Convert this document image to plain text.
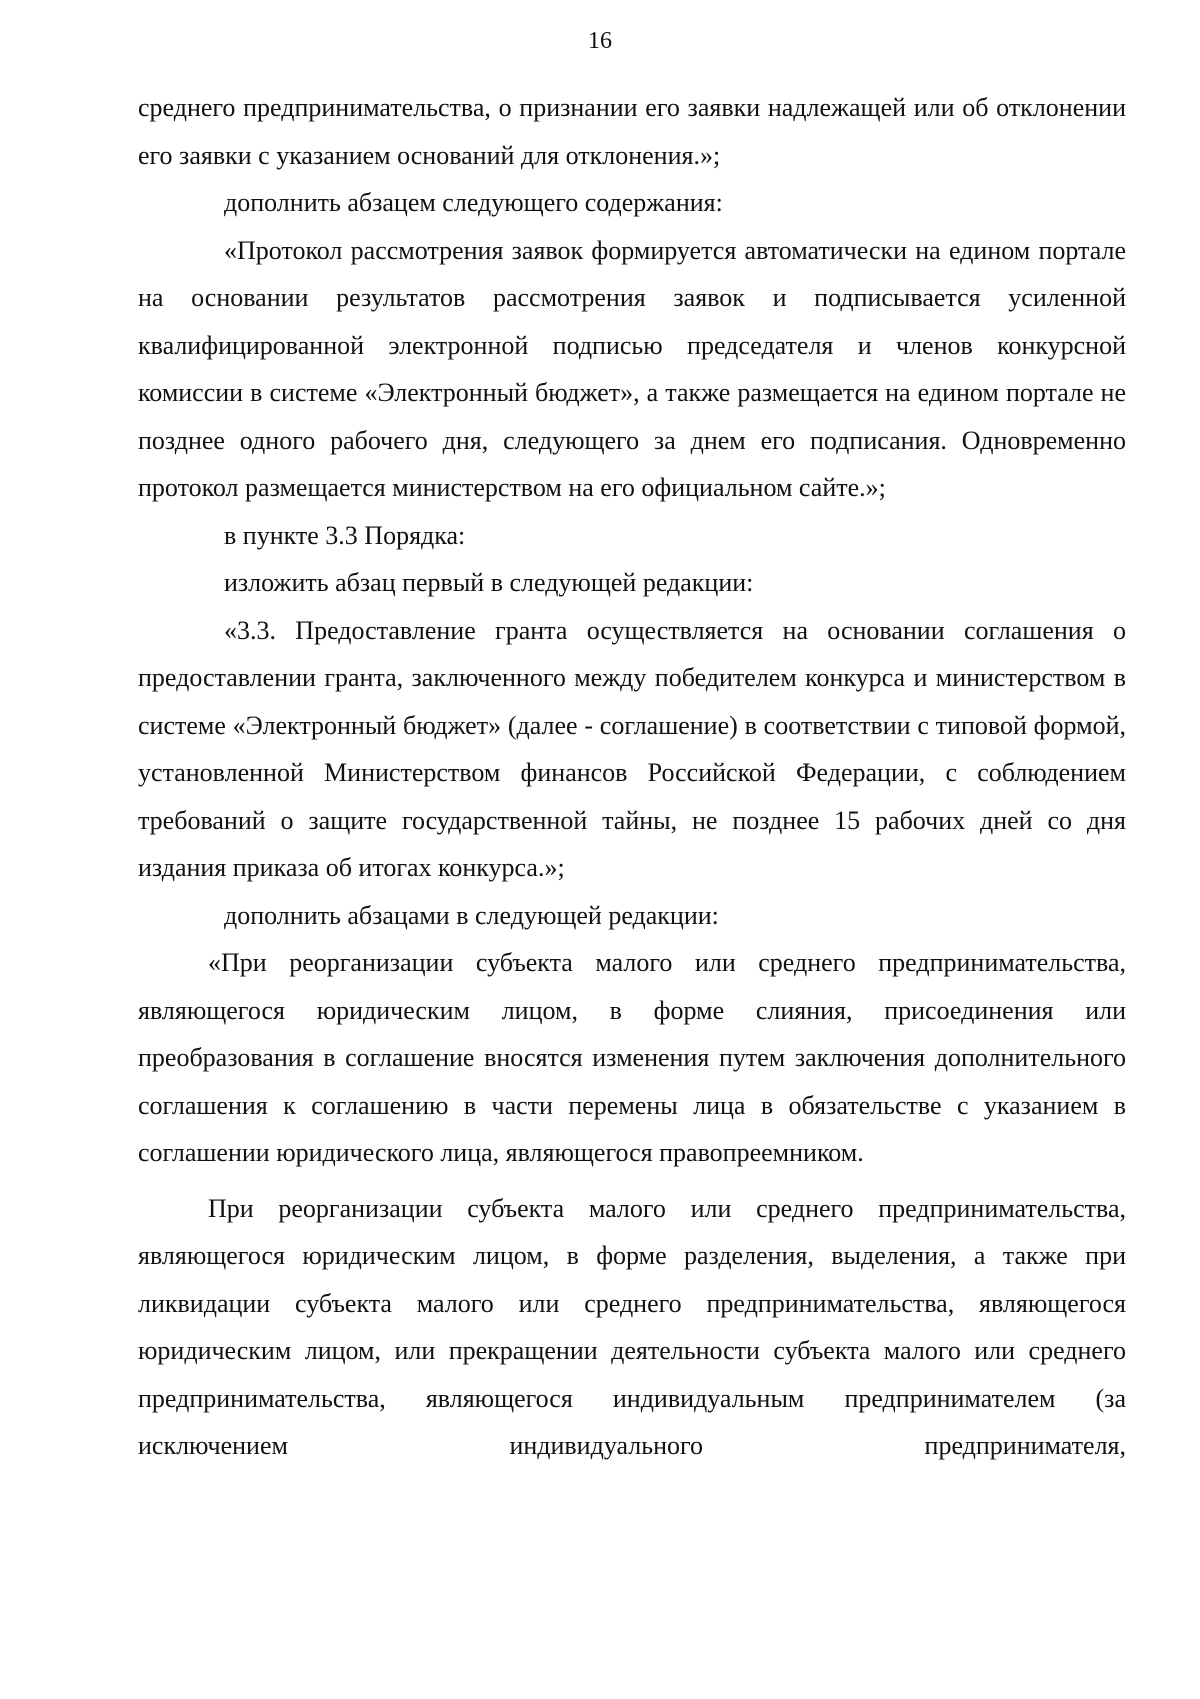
16

среднего предпринимательства, о признании его заявки надлежащей или об отклонении его заявки с указанием оснований для отклонения.»;

дополнить абзацем следующего содержания:

«Протокол рассмотрения заявок формируется автоматически на едином портале на основании результатов рассмотрения заявок и подписывается усиленной квалифицированной электронной подписью председателя и членов конкурсной комиссии в системе «Электронный бюджет», а также размещается на едином портале не позднее одного рабочего дня, следующего за днем его подписания. Одновременно протокол размещается министерством на его официальном сайте.»;

в пункте 3.3 Порядка:

изложить абзац первый в следующей редакции:

«3.3. Предоставление гранта осуществляется на основании соглашения о предоставлении гранта, заключенного между победителем конкурса и министерством в системе «Электронный бюджет» (далее - соглашение) в соответствии с типовой формой, установленной Министерством финансов Российской Федерации, с соблюдением требований о защите государственной тайны, не позднее 15 рабочих дней со дня издания приказа об итогах конкурса.»;

дополнить абзацами в следующей редакции:

«При реорганизации субъекта малого или среднего предпринимательства, являющегося юридическим лицом, в форме слияния, присоединения или преобразования в соглашение вносятся изменения путем заключения дополнительного соглашения к соглашению в части перемены лица в обязательстве с указанием в соглашении юридического лица, являющегося правопреемником.

При реорганизации субъекта малого или среднего предпринимательства, являющегося юридическим лицом, в форме разделения, выделения, а также при ликвидации субъекта малого или среднего предпринимательства, являющегося юридическим лицом, или прекращении деятельности субъекта малого или среднего предпринимательства, являющегося индивидуальным предпринимателем (за исключением индивидуального предпринимателя,
